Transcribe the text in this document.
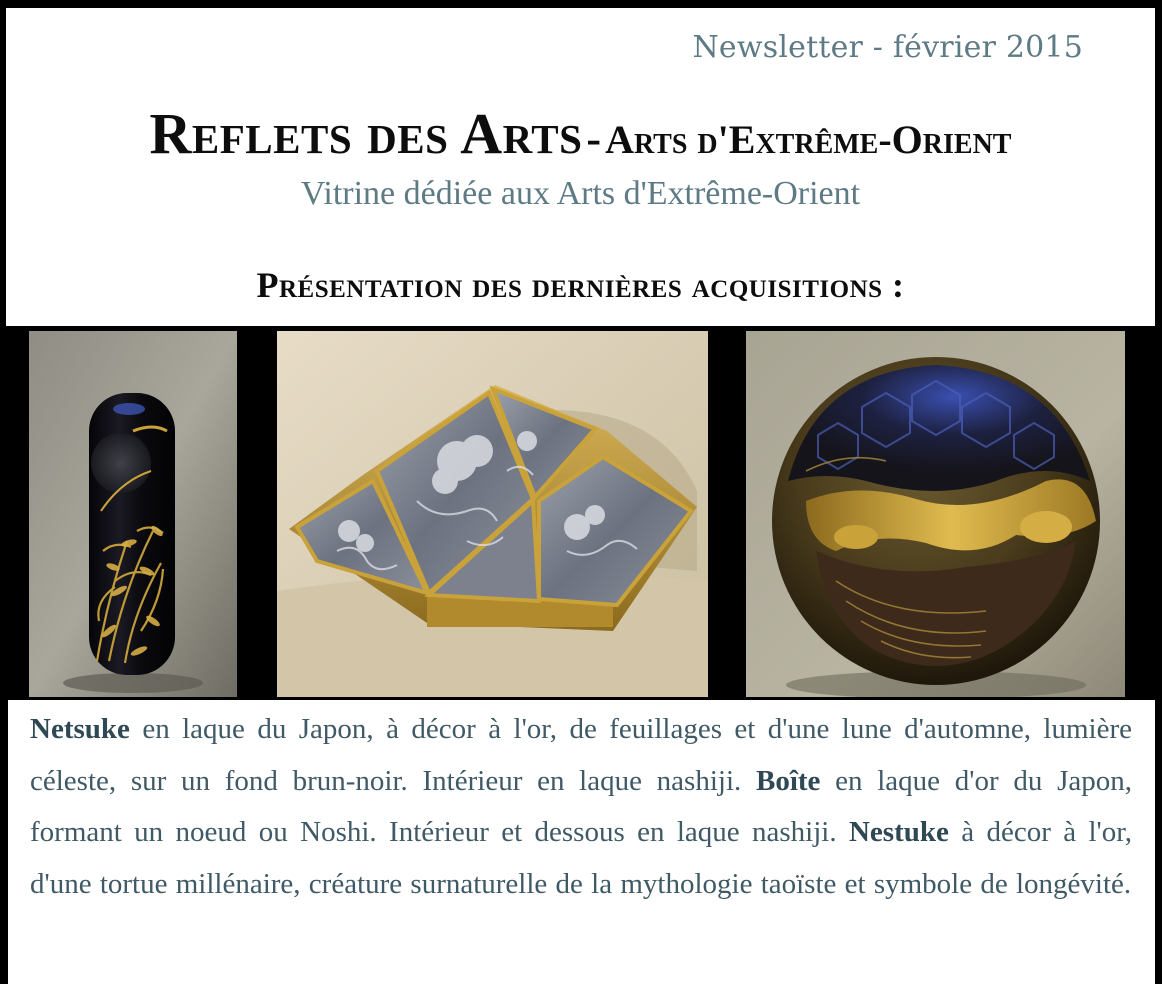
Newsletter - février 2015
Reflets des Arts - Arts d'Extrême-Orient
Vitrine dédiée aux Arts d'Extrême-Orient
Présentation des dernières acquisitions :
Netsuke en laque du Japon, à décor à l'or, de feuillages et d'une lune d'automne, lumière céleste, sur un fond brun-noir. Intérieur en laque nashiji. Boîte en laque d'or du Japon, formant un noeud ou Noshi. Intérieur et dessous en laque nashiji. Nestuke à décor à l'or, d'une tortue millénaire, créature surnaturelle de la mythologie taoïste et symbole de longévité.
